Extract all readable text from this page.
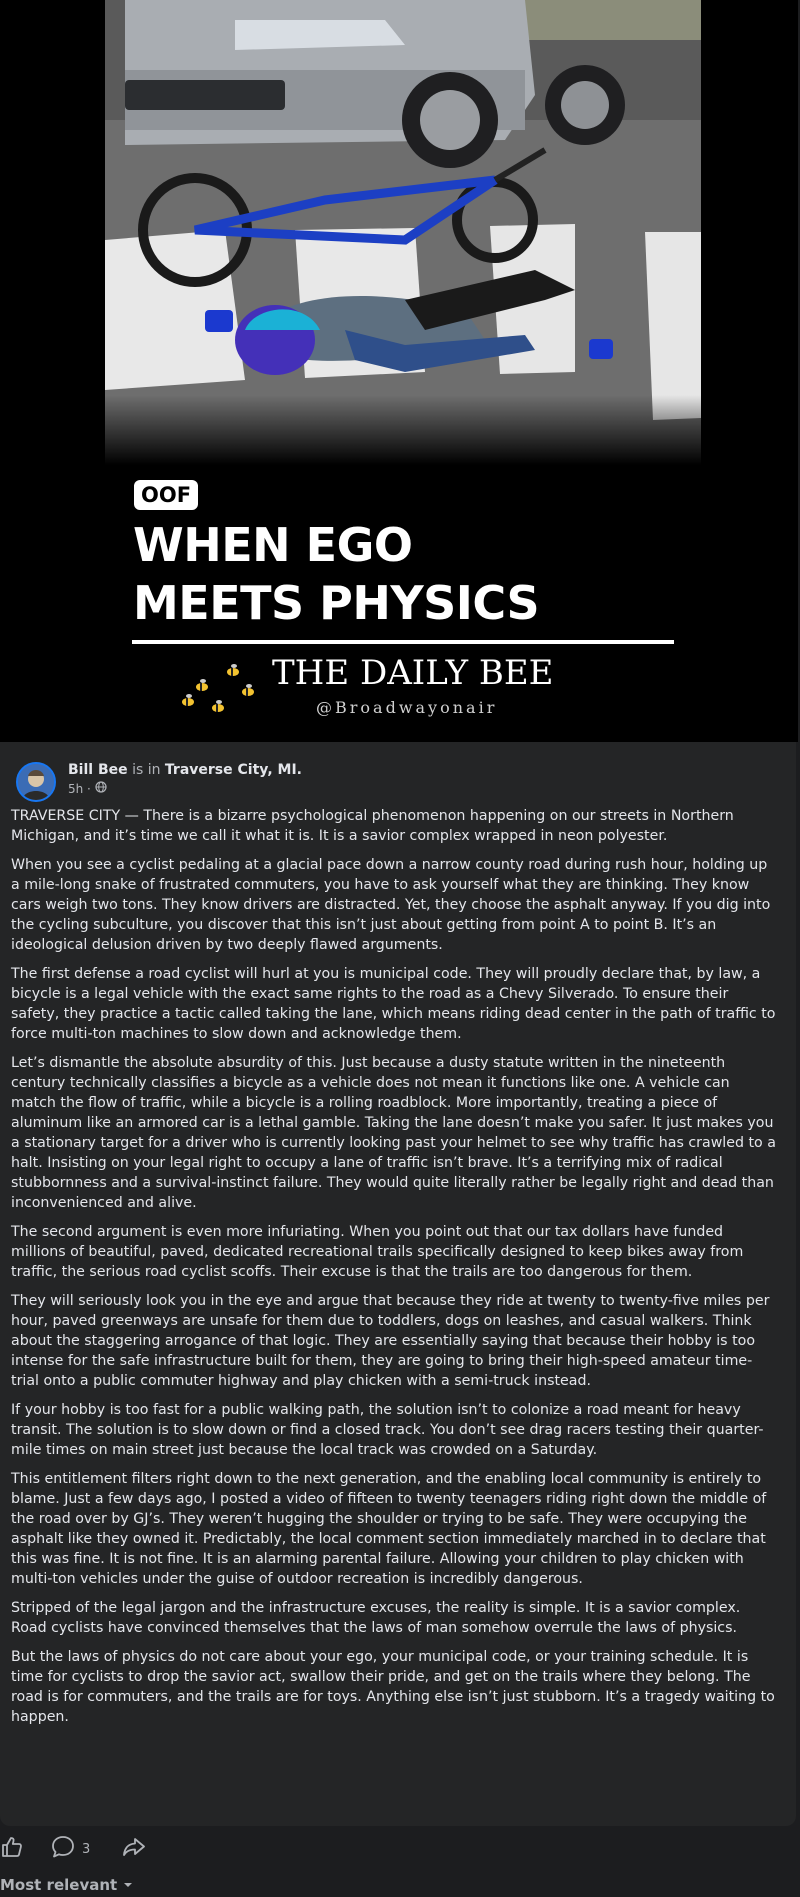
OOF
WHEN EGO
MEETS PHYSICS
THE DAILY BEE
@Broadwayonair
Bill Bee is in Traverse City, MI.
5h ·

TRAVERSE CITY — There is a bizarre psychological phenomenon happening on our streets in Northern Michigan, and it’s time we call it what it is. It is a savior complex wrapped in neon polyester.

When you see a cyclist pedaling at a glacial pace down a narrow county road during rush hour, holding up a mile-long snake of frustrated commuters, you have to ask yourself what they are thinking. They know cars weigh two tons. They know drivers are distracted. Yet, they choose the asphalt anyway. If you dig into the cycling subculture, you discover that this isn’t just about getting from point A to point B. It’s an ideological delusion driven by two deeply flawed arguments.

The first defense a road cyclist will hurl at you is municipal code. They will proudly declare that, by law, a bicycle is a legal vehicle with the exact same rights to the road as a Chevy Silverado. To ensure their safety, they practice a tactic called taking the lane, which means riding dead center in the path of traffic to force multi-ton machines to slow down and acknowledge them.

Let’s dismantle the absolute absurdity of this. Just because a dusty statute written in the nineteenth century technically classifies a bicycle as a vehicle does not mean it functions like one. A vehicle can match the flow of traffic, while a bicycle is a rolling roadblock. More importantly, treating a piece of aluminum like an armored car is a lethal gamble. Taking the lane doesn’t make you safer. It just makes you a stationary target for a driver who is currently looking past your helmet to see why traffic has crawled to a halt. Insisting on your legal right to occupy a lane of traffic isn’t brave. It’s a terrifying mix of radical stubbornness and a survival-instinct failure. They would quite literally rather be legally right and dead than inconvenienced and alive.

The second argument is even more infuriating. When you point out that our tax dollars have funded millions of beautiful, paved, dedicated recreational trails specifically designed to keep bikes away from traffic, the serious road cyclist scoffs. Their excuse is that the trails are too dangerous for them.

They will seriously look you in the eye and argue that because they ride at twenty to twenty-five miles per hour, paved greenways are unsafe for them due to toddlers, dogs on leashes, and casual walkers. Think about the staggering arrogance of that logic. They are essentially saying that because their hobby is too intense for the safe infrastructure built for them, they are going to bring their high-speed amateur time-trial onto a public commuter highway and play chicken with a semi-truck instead.

If your hobby is too fast for a public walking path, the solution isn’t to colonize a road meant for heavy transit. The solution is to slow down or find a closed track. You don’t see drag racers testing their quarter-mile times on main street just because the local track was crowded on a Saturday.

This entitlement filters right down to the next generation, and the enabling local community is entirely to blame. Just a few days ago, I posted a video of fifteen to twenty teenagers riding right down the middle of the road over by GJ’s. They weren’t hugging the shoulder or trying to be safe. They were occupying the asphalt like they owned it. Predictably, the local comment section immediately marched in to declare that this was fine. It is not fine. It is an alarming parental failure. Allowing your children to play chicken with multi-ton vehicles under the guise of outdoor recreation is incredibly dangerous.

Stripped of the legal jargon and the infrastructure excuses, the reality is simple. It is a savior complex. Road cyclists have convinced themselves that the laws of man somehow overrule the laws of physics.

But the laws of physics do not care about your ego, your municipal code, or your training schedule. It is time for cyclists to drop the savior act, swallow their pride, and get on the trails where they belong. The road is for commuters, and the trails are for toys. Anything else isn’t just stubborn. It’s a tragedy waiting to happen.

3
Most relevant
